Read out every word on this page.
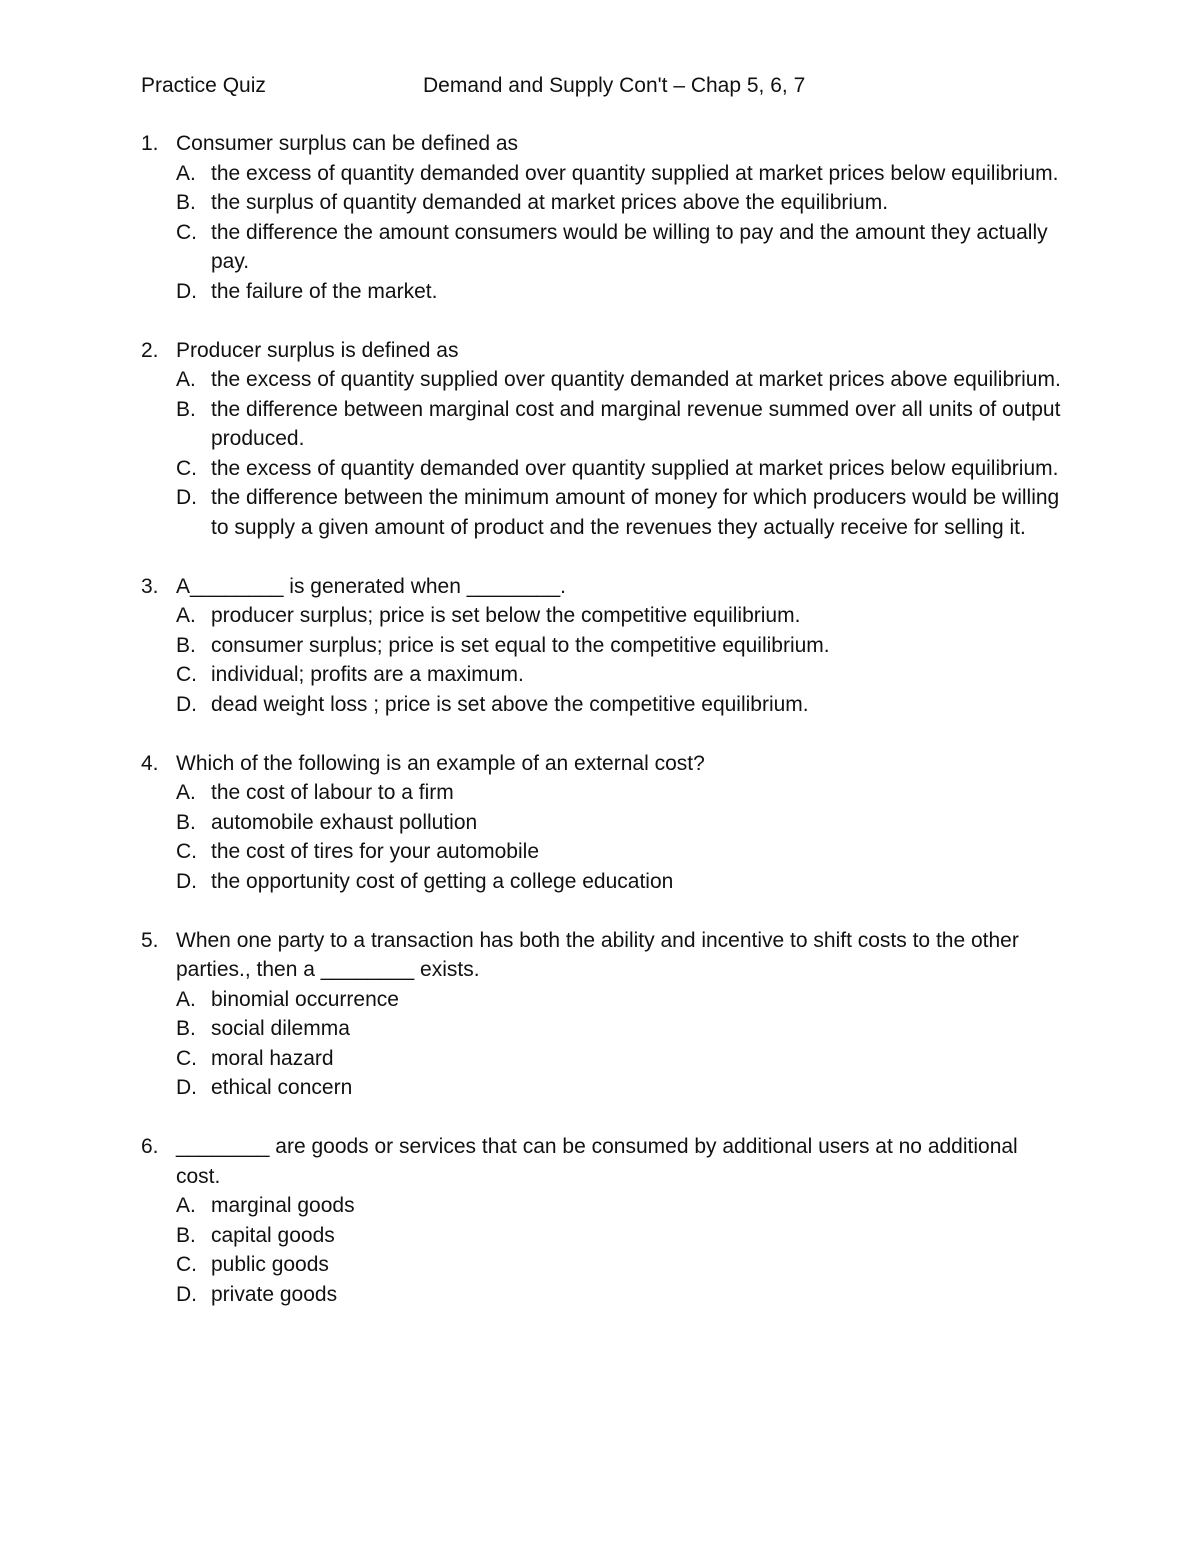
Practice Quiz	Demand and Supply Con't – Chap 5, 6, 7
1. Consumer surplus can be defined as
A. the excess of quantity demanded over quantity supplied at market prices below equilibrium.
B. the surplus of quantity demanded at market prices above the equilibrium.
C. the difference the amount consumers would be willing to pay and the amount they actually pay.
D. the failure of the market.
2. Producer surplus is defined as
A. the excess of quantity supplied over quantity demanded at market prices above equilibrium.
B. the difference between marginal cost and marginal revenue summed over all units of output produced.
C. the excess of quantity demanded over quantity supplied at market prices below equilibrium.
D. the difference between the minimum amount of money for which producers would be willing to supply a given amount of product and the revenues they actually receive for selling it.
3. A________ is generated when ________.
A. producer surplus; price is set below the competitive equilibrium.
B. consumer surplus; price is set equal to the competitive equilibrium.
C. individual; profits are a maximum.
D. dead weight loss ; price is set above the competitive equilibrium.
4. Which of the following is an example of an external cost?
A. the cost of labour to a firm
B. automobile exhaust pollution
C. the cost of tires for your automobile
D. the opportunity cost of getting a college education
5. When one party to a transaction has both the ability and incentive to shift costs to the other parties., then a ________ exists.
A. binomial occurrence
B. social dilemma
C. moral hazard
D. ethical concern
6. ________ are goods or services that can be consumed by additional users at no additional cost.
A. marginal goods
B. capital goods
C. public goods
D. private goods
